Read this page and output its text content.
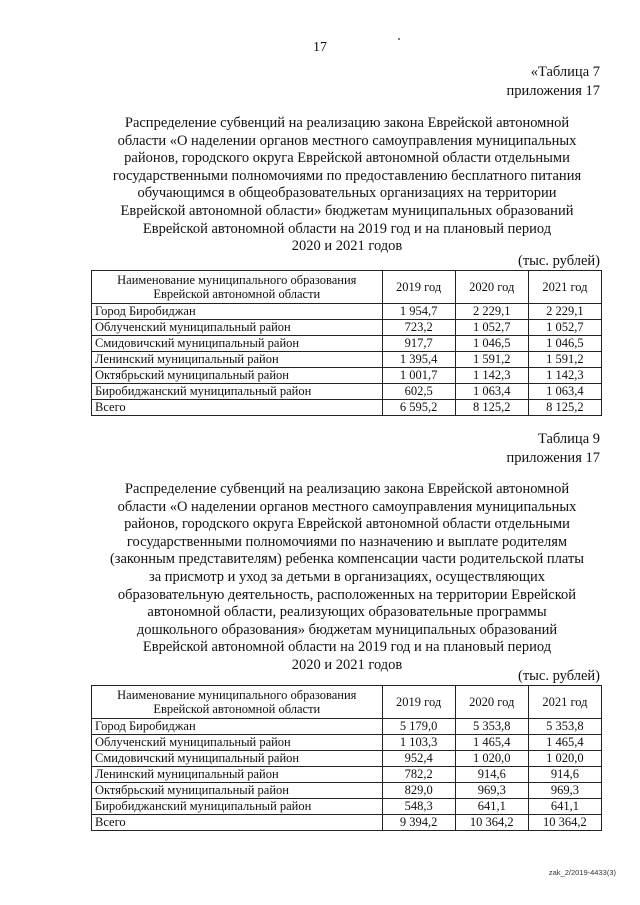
17
«Таблица 7
приложения 17
Распределение субвенций на реализацию закона Еврейской автономной
области «О наделении органов местного самоуправления муниципальных
районов, городского округа Еврейской автономной области отдельными
государственными полномочиями по предоставлению бесплатного питания
обучающимся в общеобразовательных организациях на территории
Еврейской автономной области» бюджетам муниципальных образований
Еврейской автономной области на 2019 год и на плановый период
2020 и 2021 годов
(тыс. рублей)
Наименование муниципального образования Еврейской автономной области	2019 год	2020 год	2021 год
Город Биробиджан	1 954,7	2 229,1	2 229,1
Облученский муниципальный район	723,2	1 052,7	1 052,7
Смидовичский муниципальный район	917,7	1 046,5	1 046,5
Ленинский муниципальный район	1 395,4	1 591,2	1 591,2
Октябрьский муниципальный район	1 001,7	1 142,3	1 142,3
Биробиджанский муниципальный район	602,5	1 063,4	1 063,4
Всего	6 595,2	8 125,2	8 125,2
Таблица 9
приложения 17
Распределение субвенций на реализацию закона Еврейской автономной
области «О наделении органов местного самоуправления муниципальных
районов, городского округа Еврейской автономной области отдельными
государственными полномочиями по назначению и выплате родителям
(законным представителям) ребенка компенсации части родительской платы
за присмотр и уход за детьми в организациях, осуществляющих
образовательную деятельность, расположенных на территории Еврейской
автономной области, реализующих образовательные программы
дошкольного образования» бюджетам муниципальных образований
Еврейской автономной области на 2019 год и на плановый период
2020 и 2021 годов
(тыс. рублей)
Наименование муниципального образования Еврейской автономной области	2019 год	2020 год	2021 год
Город Биробиджан	5 179,0	5 353,8	5 353,8
Облученский муниципальный район	1 103,3	1 465,4	1 465,4
Смидовичский муниципальный район	952,4	1 020,0	1 020,0
Ленинский муниципальный район	782,2	914,6	914,6
Октябрьский муниципальный район	829,0	969,3	969,3
Биробиджанский муниципальный район	548,3	641,1	641,1
Всего	9 394,2	10 364,2	10 364,2
zak_2/2019-4433(3)
